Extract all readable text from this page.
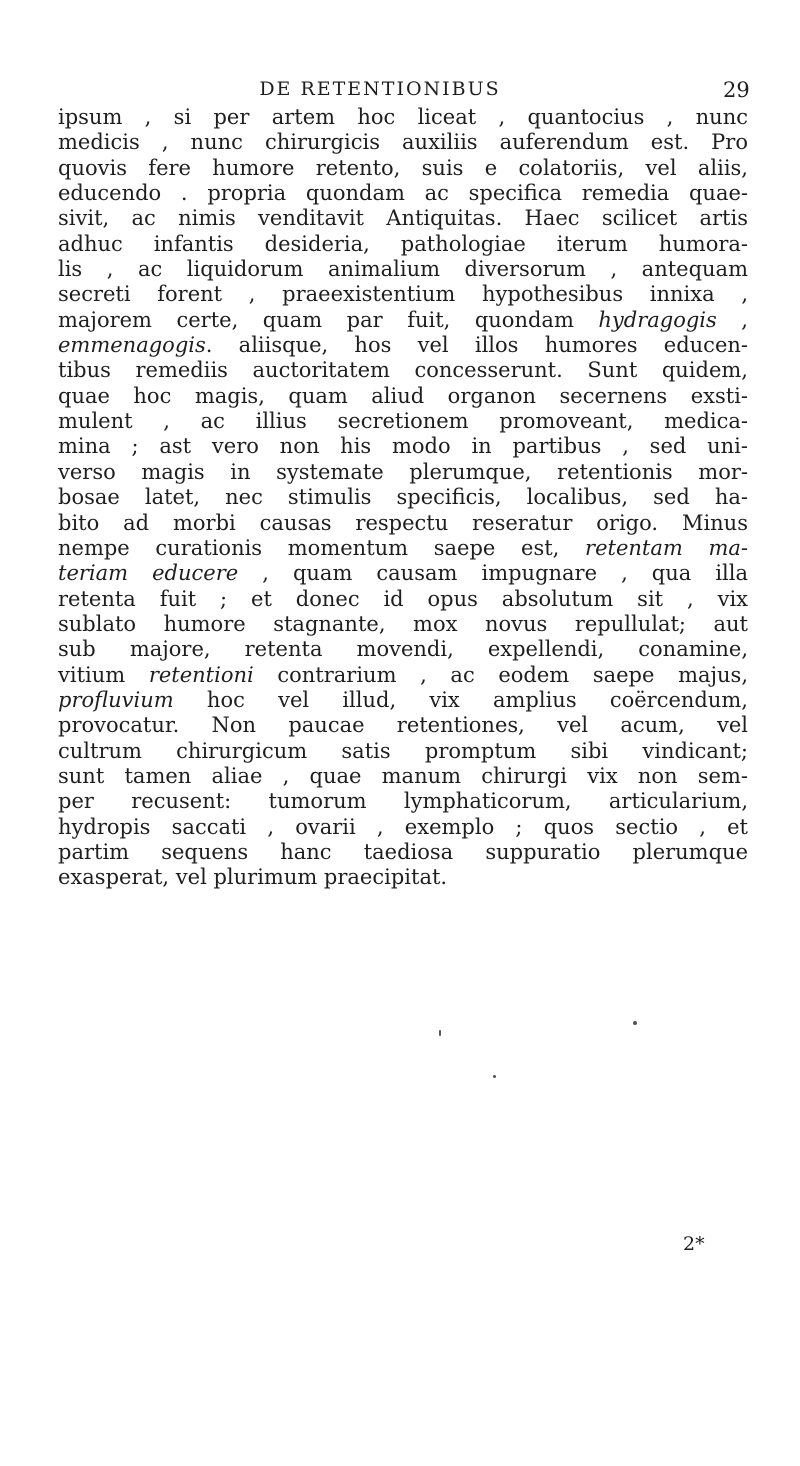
DE RETENTIONIBUS	29
ipsum , si per artem hoc liceat , quantocius , nunc
medicis , nunc chirurgicis auxiliis auferendum est. Pro
quovis fere humore retento, suis e colatoriis, vel aliis,
educendo . propria quondam ac specifica remedia quae-
sivit, ac nimis venditavit Antiquitas. Haec scilicet artis
adhuc infantis desideria, pathologiae iterum humora-
lis , ac liquidorum animalium diversorum , antequam
secreti forent , praeexistentium hypothesibus innixa ,
majorem certe, quam par fuit, quondam hydragogis ,
emmenagogis. aliisque, hos vel illos humores educen-
tibus remediis auctoritatem concesserunt. Sunt quidem,
quae hoc magis, quam aliud organon secernens exsti-
mulent , ac illius secretionem promoveant, medica-
mina ; ast vero non his modo in partibus , sed uni-
verso magis in systemate plerumque, retentionis mor-
bosae latet, nec stimulis specificis, localibus, sed ha-
bito ad morbi causas respectu reseratur origo. Minus
nempe curationis momentum saepe est, retentam ma-
teriam educere , quam causam impugnare , qua illa
retenta fuit ; et donec id opus absolutum sit , vix
sublato humore stagnante, mox novus repullulat; aut
sub majore, retenta movendi, expellendi, conamine,
vitium retentioni contrarium , ac eodem saepe majus,
profluvium hoc vel illud, vix amplius coërcendum,
provocatur. Non paucae retentiones, vel acum, vel
cultrum chirurgicum satis promptum sibi vindicant;
sunt tamen aliae , quae manum chirurgi vix non sem-
per recusent: tumorum lymphaticorum, articularium,
hydropis saccati , ovarii , exemplo ; quos sectio , et
partim sequens hanc taediosa suppuratio plerumque
exasperat, vel plurimum praecipitat.
2*
